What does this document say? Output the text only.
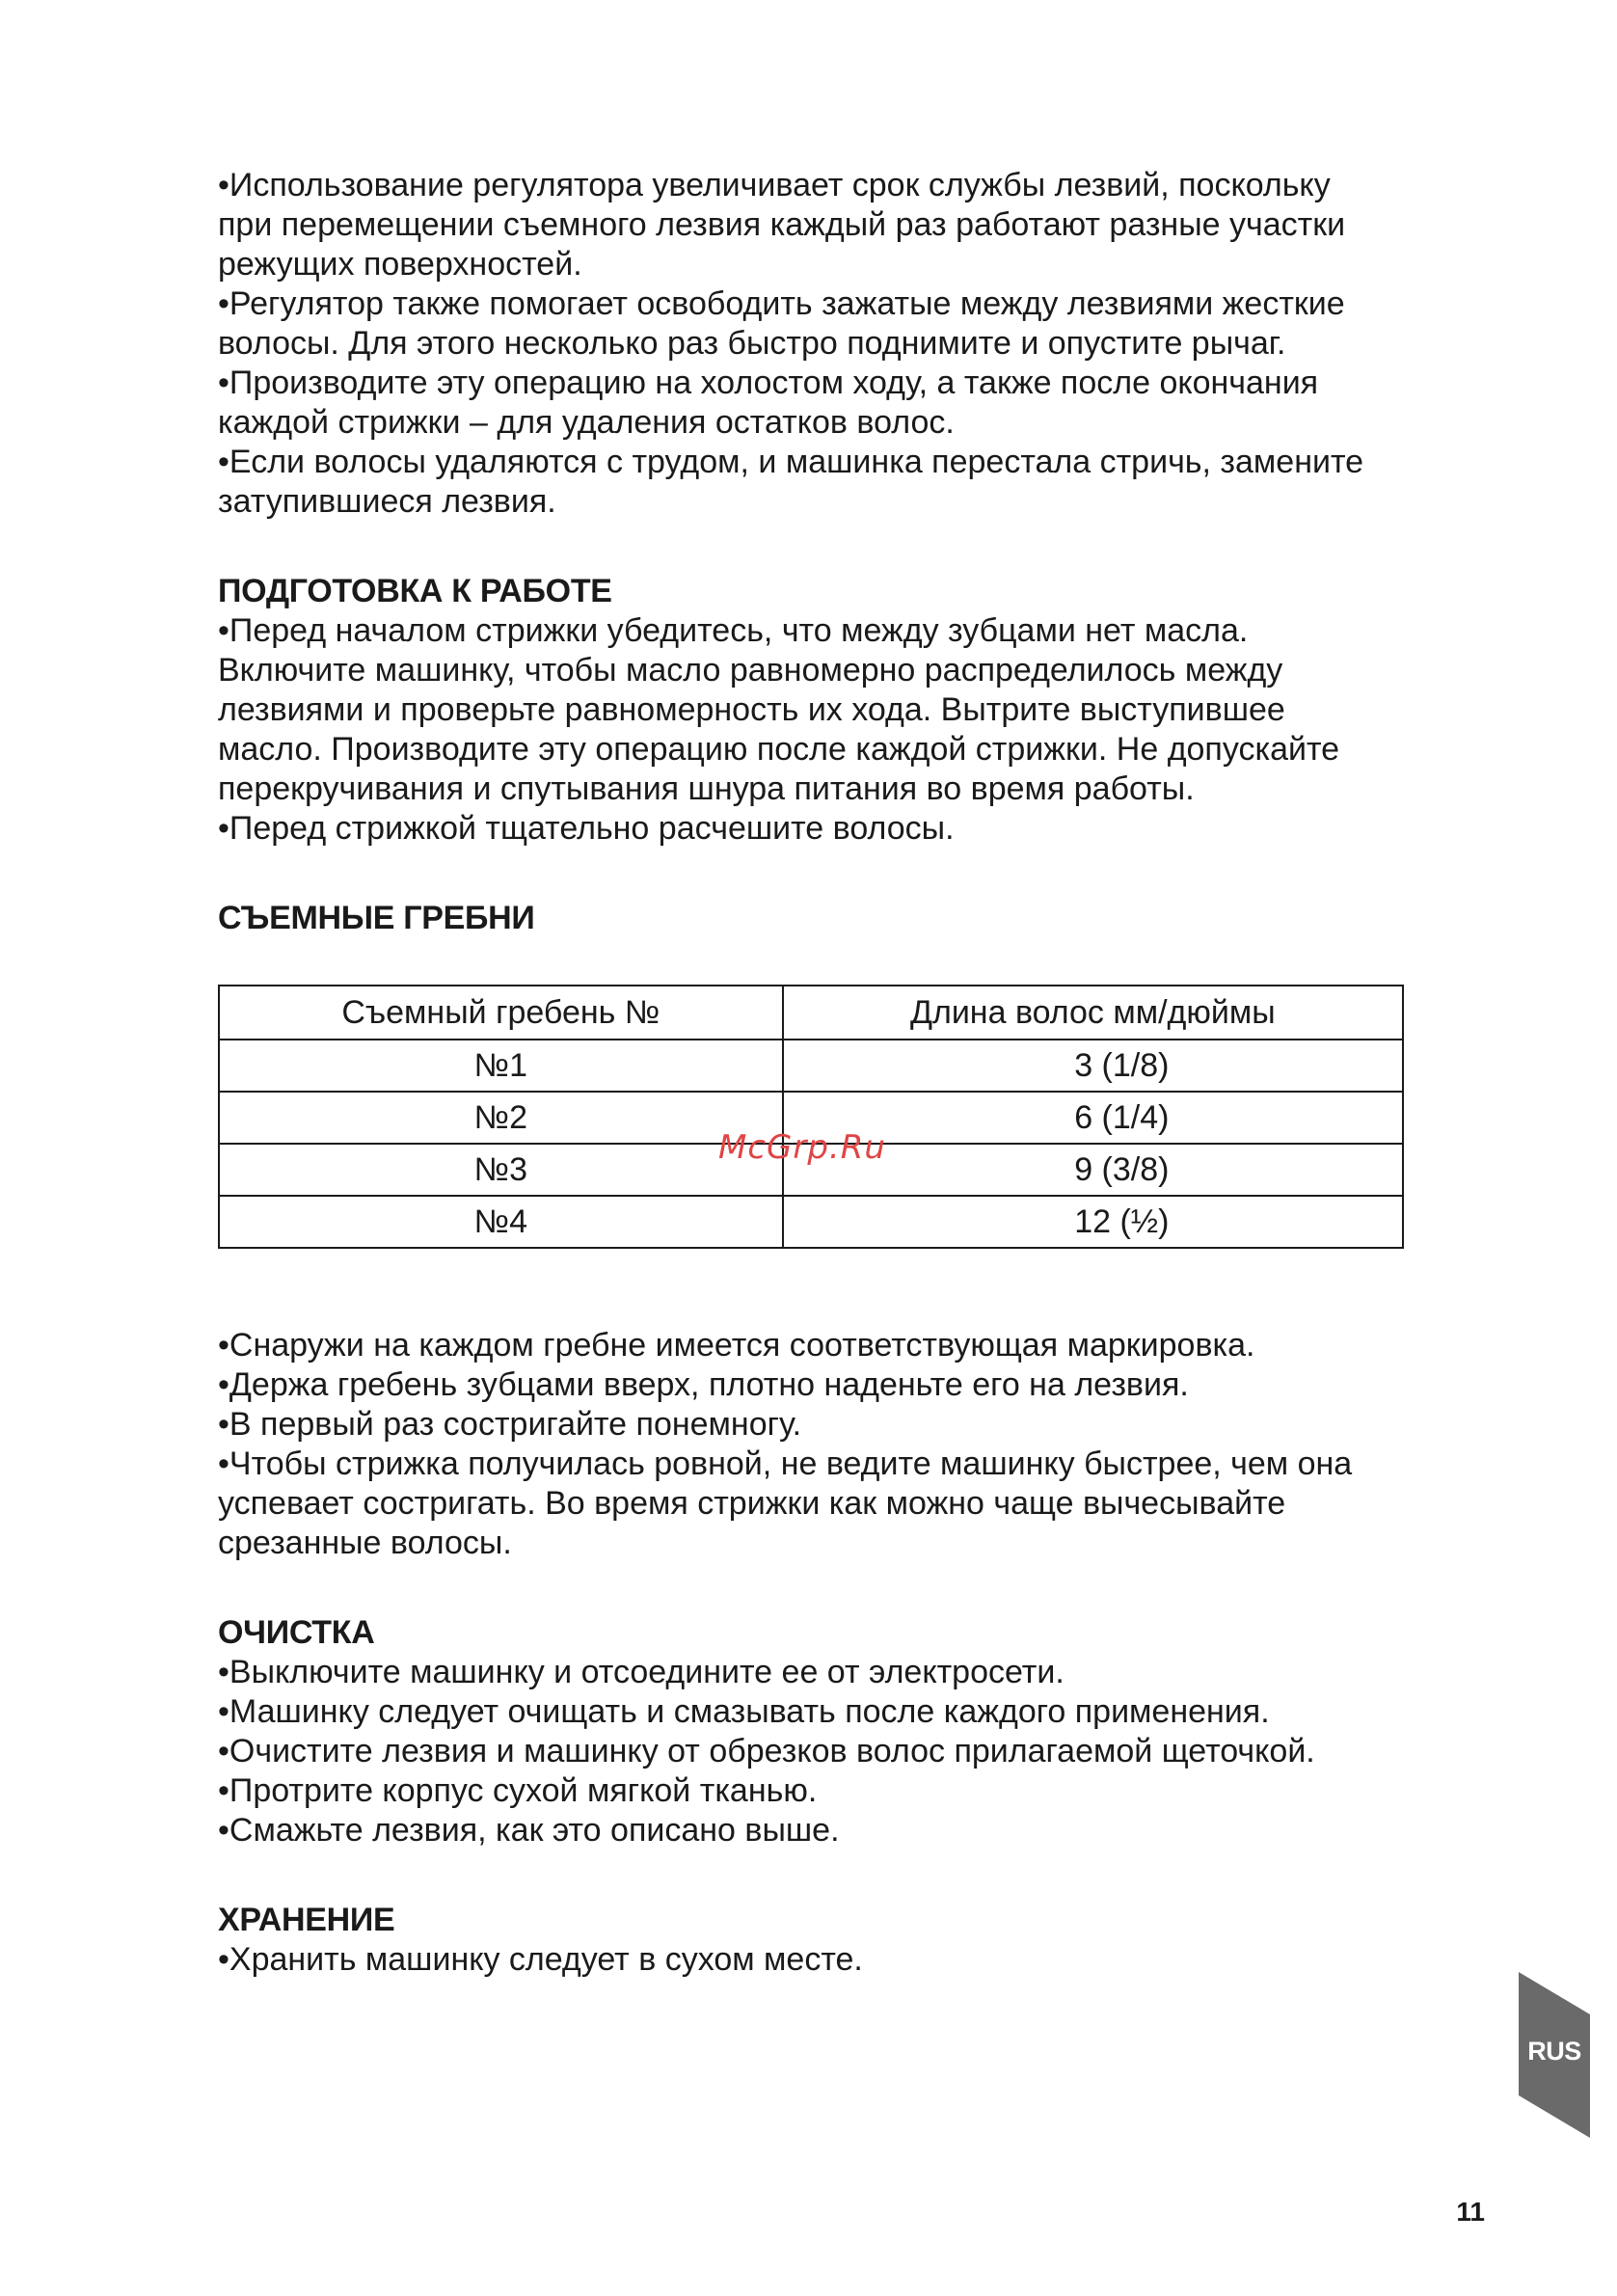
•Использование регулятора увеличивает срок службы лезвий, поскольку

при перемещении съемного лезвия каждый раз работают разные участки

режущих поверхностей.

•Регулятор также помогает освободить зажатые между лезвиями жесткие

волосы. Для этого несколько раз быстро поднимите и опустите рычаг.

•Производите эту операцию на холостом ходу, а также после окончания

каждой стрижки – для удаления остатков волос.

•Если волосы удаляются с трудом, и машинка перестала стричь, замените

затупившиеся лезвия.

ПОДГОТОВКА К РАБОТЕ

•Перед началом стрижки убедитесь, что между зубцами нет масла.

Включите машинку, чтобы масло равномерно распределилось между

лезвиями и проверьте равномерность их хода. Вытрите выступившее

масло. Производите эту операцию после каждой стрижки. Не допускайте

перекручивания и спутывания шнура питания во время работы.

•Перед стрижкой тщательно расчешите волосы.

СЪЕМНЫЕ ГРЕБНИ
Съемный гребень №	Длина волос мм/дюймы
№1	3 (1/8)
№2	6 (1/4)
№3	9 (3/8)
№4	12 (½)

•Снаружи на каждом гребне имеется соответствующая маркировка.

•Держа гребень зубцами вверх, плотно наденьте его на лезвия.

•В первый раз состригайте понемногу.

•Чтобы стрижка получилась ровной, не ведите машинку быстрее, чем она

успевает состригать. Во время стрижки как можно чаще вычесывайте

срезанные волосы.

ОЧИСТКА

•Выключите машинку и отсоедините ее от электросети.

•Машинку следует очищать и смазывать после каждого применения.

•Очистите лезвия и машинку от обрезков волос прилагаемой щеточкой.

•Протрите корпус сухой мягкой тканью.

•Смажьте лезвия, как это описано выше.

ХРАНЕНИЕ

•Хранить машинку следует в сухом месте.

McGrp.Ru
RUS
11
